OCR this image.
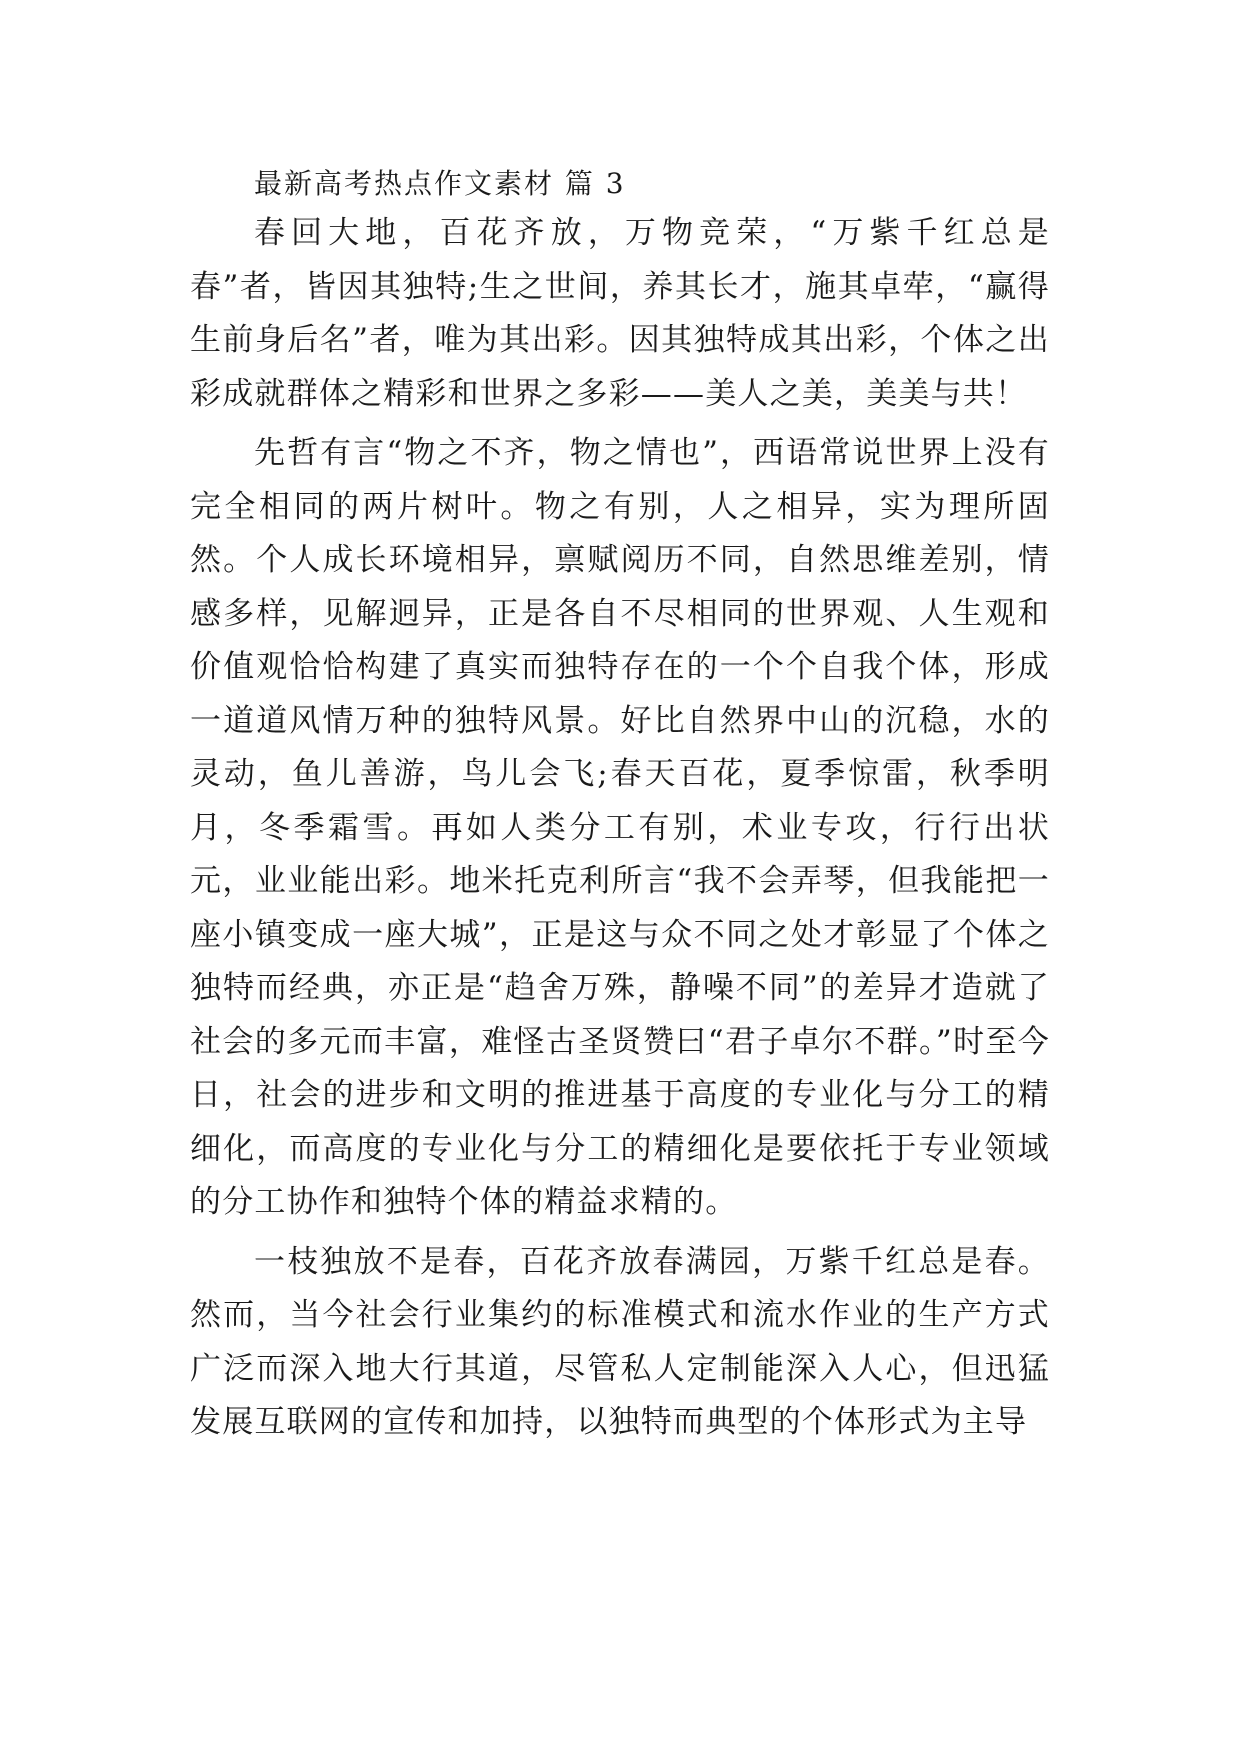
最新高考热点作文素材 篇 3

春回大地，百花齐放，万物竞荣，“万紫千红总是春”者，皆因其独特;生之世间，养其长才，施其卓荦，“赢得生前身后名”者，唯为其出彩。因其独特成其出彩，个体之出彩成就群体之精彩和世界之多彩——美人之美，美美与共！

先哲有言“物之不齐，物之情也”，西语常说世界上没有完全相同的两片树叶。物之有别，人之相异，实为理所固然。个人成长环境相异，禀赋阅历不同，自然思维差别，情感多样，见解迥异，正是各自不尽相同的世界观、人生观和价值观恰恰构建了真实而独特存在的一个个自我个体，形成一道道风情万种的独特风景。好比自然界中山的沉稳，水的灵动，鱼儿善游，鸟儿会飞;春天百花，夏季惊雷，秋季明月，冬季霜雪。再如人类分工有别，术业专攻，行行出状元，业业能出彩。地米托克利所言“我不会弄琴，但我能把一座小镇变成一座大城”，正是这与众不同之处才彰显了个体之独特而经典，亦正是“趋舍万殊，静噪不同”的差异才造就了社会的多元而丰富，难怪古圣贤赞曰“君子卓尔不群。”时至今日，社会的进步和文明的推进基于高度的专业化与分工的精细化，而高度的专业化与分工的精细化是要依托于专业领域的分工协作和独特个体的精益求精的。

一枝独放不是春，百花齐放春满园，万紫千红总是春。然而，当今社会行业集约的标准模式和流水作业的生产方式广泛而深入地大行其道，尽管私人定制能深入人心，但迅猛发展互联网的宣传和加持，以独特而典型的个体形式为主导
